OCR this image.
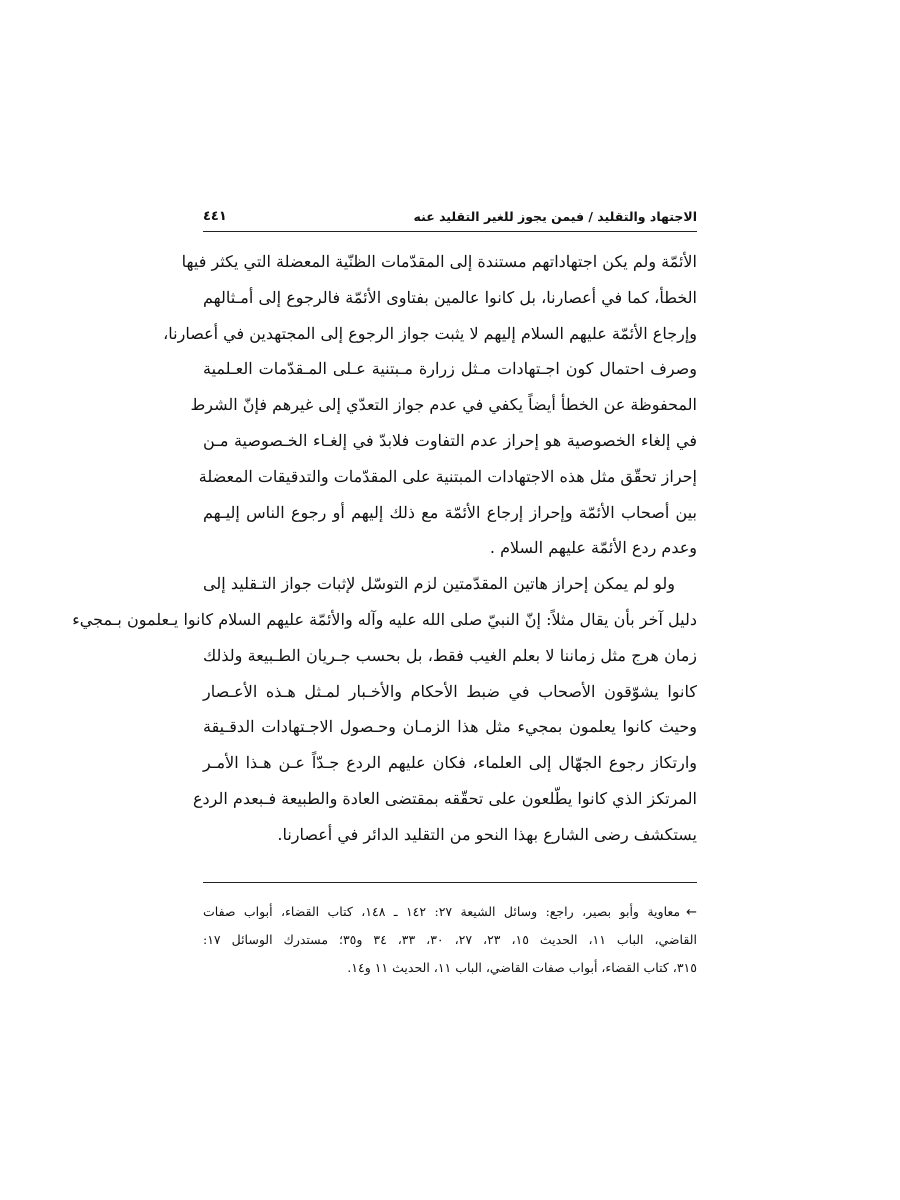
الاجتهاد والتقليد / فيمن يجوز للغير التقليد عنه
٤٤١
الأئمّة ولم يكن اجتهاداتهم مستندة إلى المقدّمات الظنّية المعضلة التي يكثر فيها
الخطأ، كما في أعصارنا، بل كانوا عالمين بفتاوى الأئمّة فالرجوع إلى أمـثالهم
وإرجاع الأئمّة عليهم السلام إليهم لا يثبت جواز الرجوع إلى المجتهدين في أعصارنا،
وصرف احتمال كون اجـتهادات مـثل زرارة مـبتنية عـلى المـقدّمات العـلمية
المحفوظة عن الخطأ أيضاً يكفي في عدم جواز التعدّي إلى غيرهم فإنّ الشرط
في إلغاء الخصوصية هو إحراز عدم التفاوت فلابدّ في إلغـاء الخـصوصية مـن
إحراز تحقّق مثل هذه الاجتهادات المبتنية على المقدّمات والتدقيقات المعضلة
بين أصحاب الأئمّة وإحراز إرجاع الأئمّة مع ذلك إليهم أو رجوع الناس إليـهم
وعدم ردع الأئمّة عليهم السلام .
ولو لم يمكن إحراز هاتين المقدّمتين لزم التوسّل لإثبات جواز التـقليد إلى
دليل آخر بأن يقال مثلاً: إنّ النبيّ صلى الله عليه وآله والأئمّة عليهم السلام كانوا يـعلمون بـمجيء
زمان هرج مثل زماننا لا بعلم الغيب فقط، بل بحسب جـريان الطـبيعة ولذلك
كانوا يشوّقون الأصحاب في ضبط الأحكام والأخـبار لمـثل هـذه الأعـصار
وحيث كانوا يعلمون بمجيء مثل هذا الزمـان وحـصول الاجـتهادات الدقـيقة
وارتكاز رجوع الجهّال إلى العلماء، فكان عليهم الردع جـدّاً عـن هـذا الأمـر
المرتكز الذي كانوا يطّلعون على تحقّقه بمقتضى العادة والطبيعة فـبعدم الردع
يستكشف رضى الشارع بهذا النحو من التقليد الدائر في أعصارنا.
←معاوية وأبو بصير، راجع: وسائل الشيعة ٢٧: ١٤٢ ـ ١٤٨، كتاب القضاء، أبواب صفات
القاضي، الباب ١١، الحديث ١٥، ٢٣، ٢٧، ٣٠، ٣٣، ٣٤ و٣٥؛ مستدرك الوسائل ١٧:
٣١٥، كتاب القضاء، أبواب صفات القاضي، الباب ١١، الحديث ١١ و١٤.
